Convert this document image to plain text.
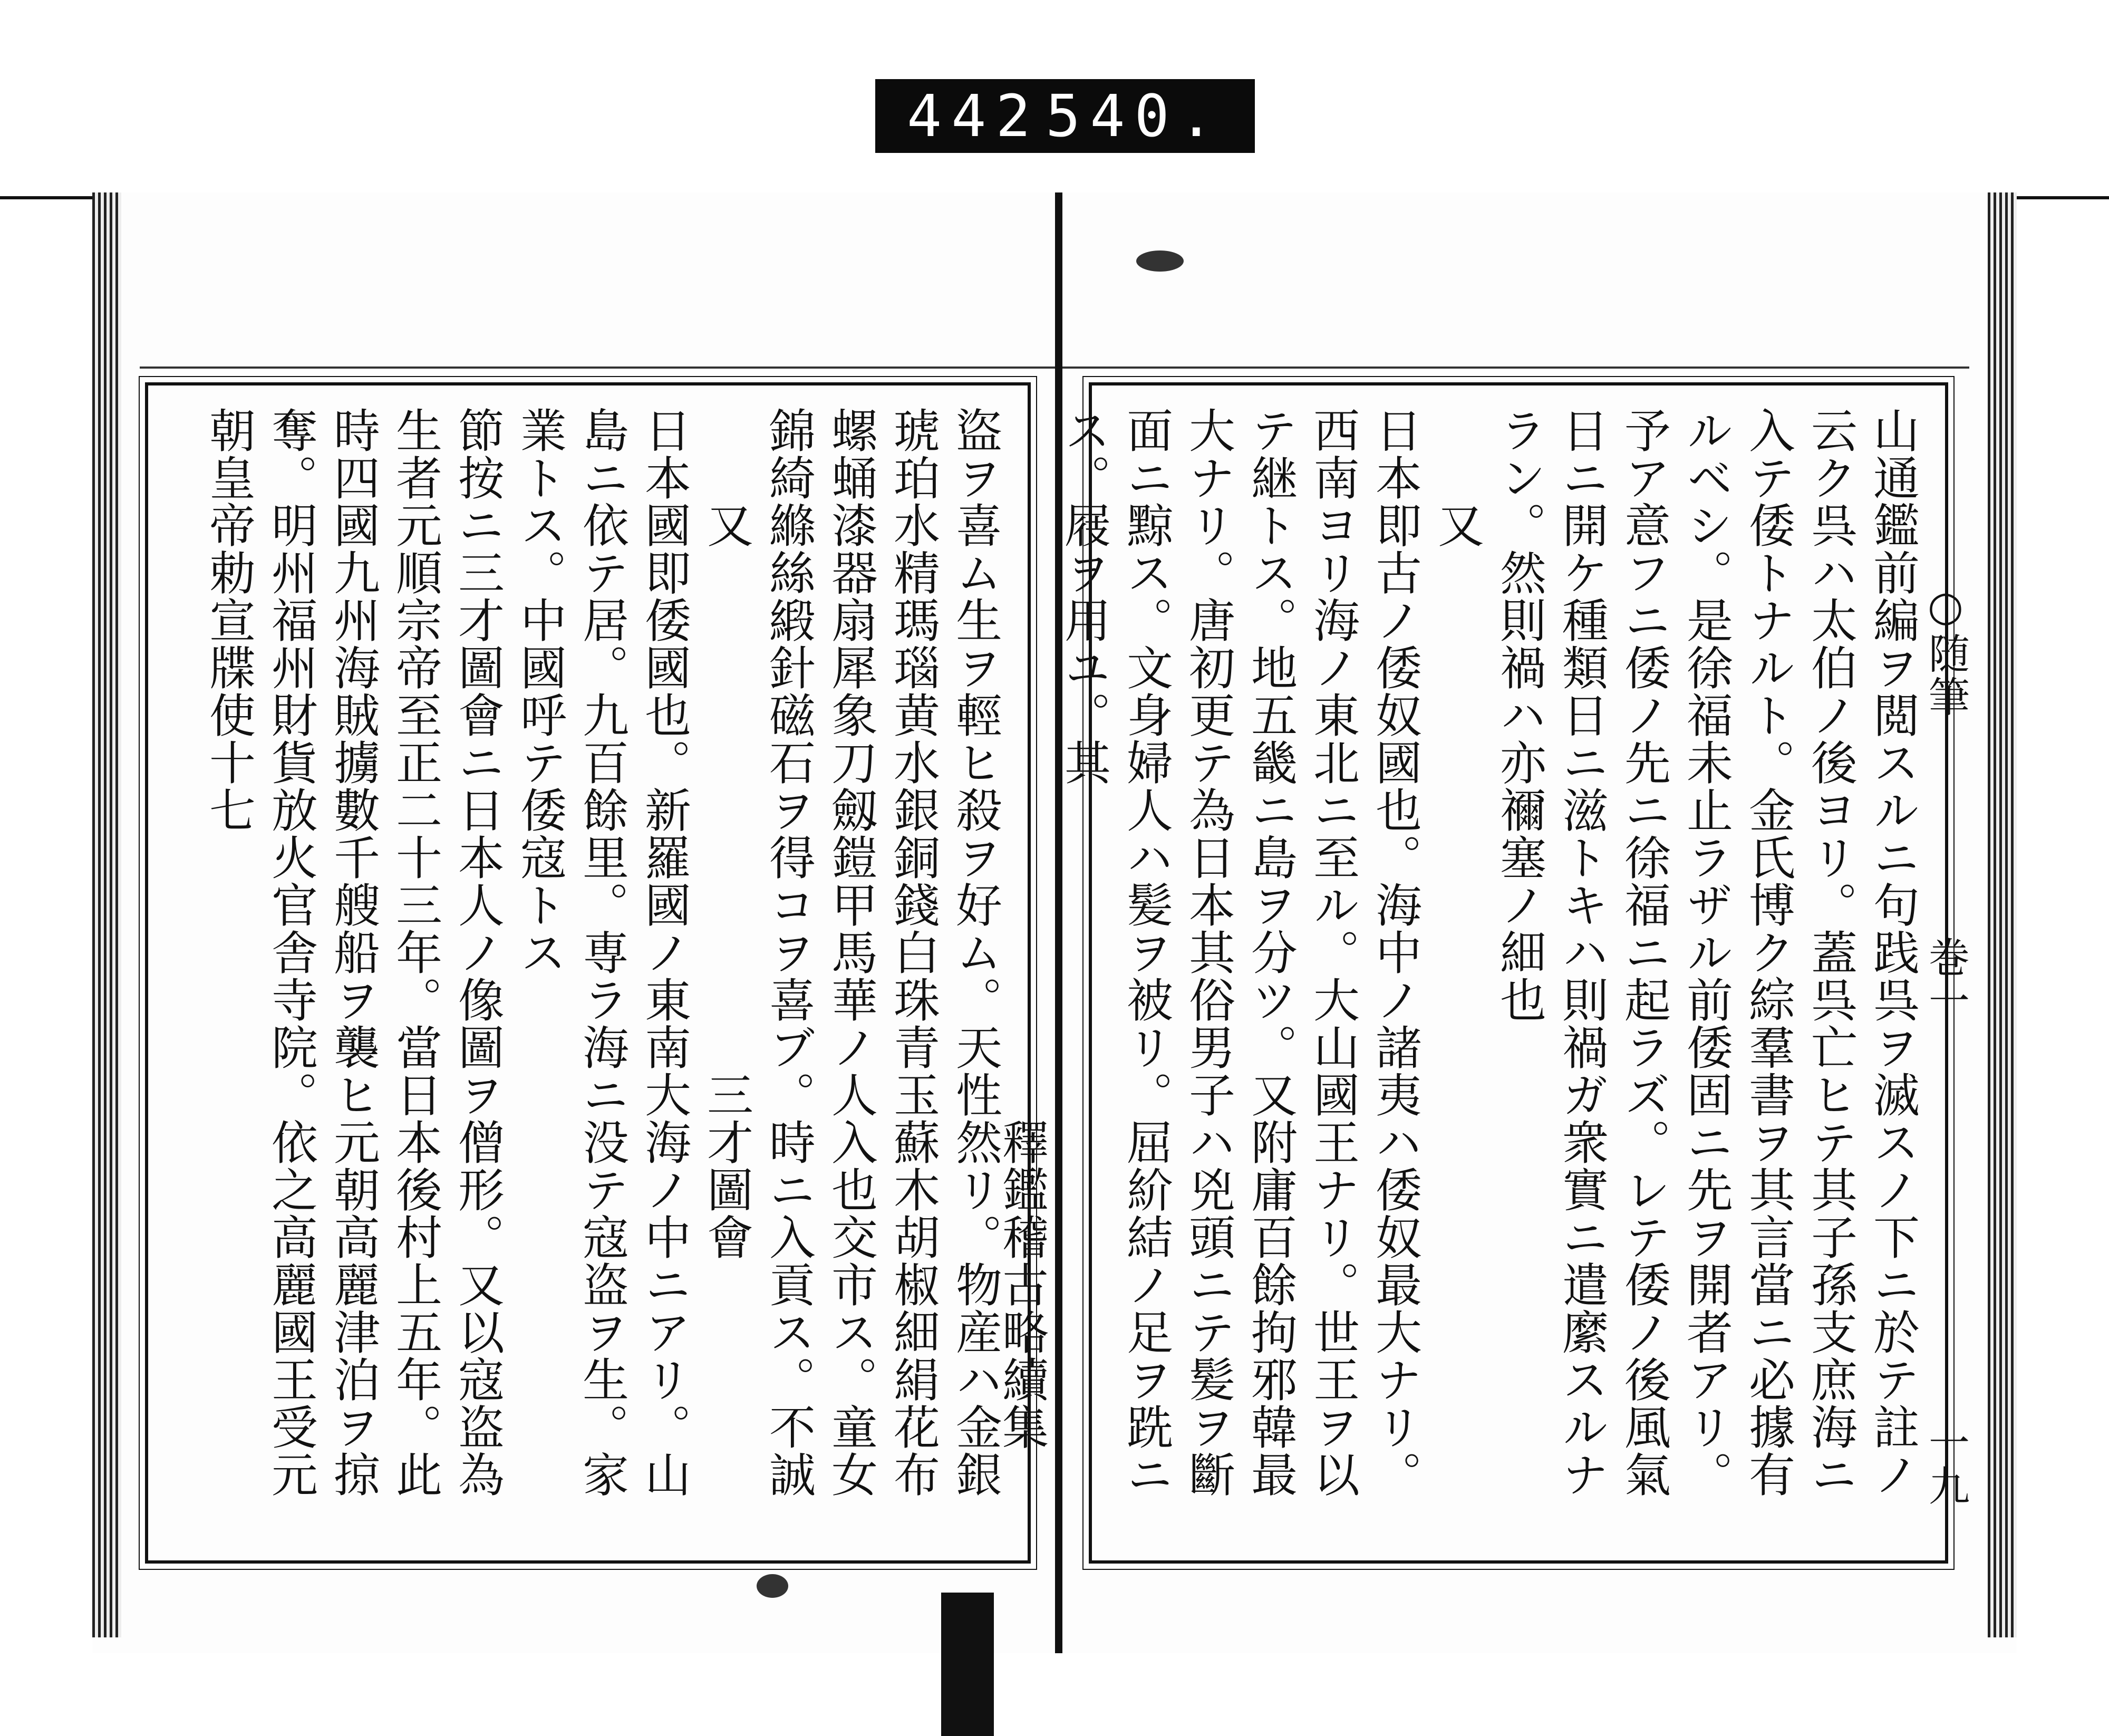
442 540.
盜ヲ喜ム生ヲ輕ヒ殺ヲ好ム。天性然リ。物産ハ金銀琥珀水精瑪瑙黄水銀銅錢白珠青玉蘇木胡椒細絹花布螺蛹漆器扇犀象刀劔鎧甲馬華ノ人入也交市ス。童女錦綺縧絲緞針磁石ヲ得コヲ喜ブ。時ニ入貢ス。不誠
　　又　　　　　　　　　　　三才圖會
日本國即倭國也。新羅國ノ東南大海ノ中ニアリ。山島ニ依テ居。九百餘里。専ラ海ニ没テ寇盗ヲ生。家業トス。中國呼テ倭寇トス
節按ニ三才圖會ニ日本人ノ像圖ヲ僧形。又以寇盗為生者元順宗帝至正二十三年。當日本後村上五年。此時四國九州海賊擄數千艘船ヲ襲ヒ元朝高麗津泊ヲ掠奪。明州福州財貨放火官舎寺院。依之高麗國王受元朝皇帝勅宣牒使十七	山通鑑前編ヲ閲スルニ句践呉ヲ滅スノ下ニ於テ註ノ云ク呉ハ太伯ノ後ヨリ。蓋呉亡ヒテ其子孫支庶海ニ入テ倭トナルト。金氏博ク綜羣書ヲ其言當ニ必據有ルベシ。是徐福未止ラザル前倭固ニ先ヲ開者アリ。予ア意フニ倭ノ先ニ徐福ニ起ラズ。レテ倭ノ後風氣日ニ開ケ種類日ニ滋トキハ則禍ガ衆實ニ遣縻スルナラン。然則禍ハ亦禰塞ノ細也
　　又
日本即古ノ倭奴國也。海中ノ諸夷ハ倭奴最大ナリ。西南ヨリ海ノ東北ニ至ル。大山國王ナリ。世王ヲ以テ継トス。地五畿ニ島ヲ分ツ。又附庸百餘拘邪韓最大ナリ。唐初更テ為日本其俗男子ハ兇頭ニテ髪ヲ斷面ニ黥ス。文身婦人ハ髪ヲ被リ。屈紒結ノ足ヲ跣ニス。屐ヲ用ユ。其
　　　　　　　　　　　　　　　釋鑑稽古略續集
○随筆
巻一
一九
